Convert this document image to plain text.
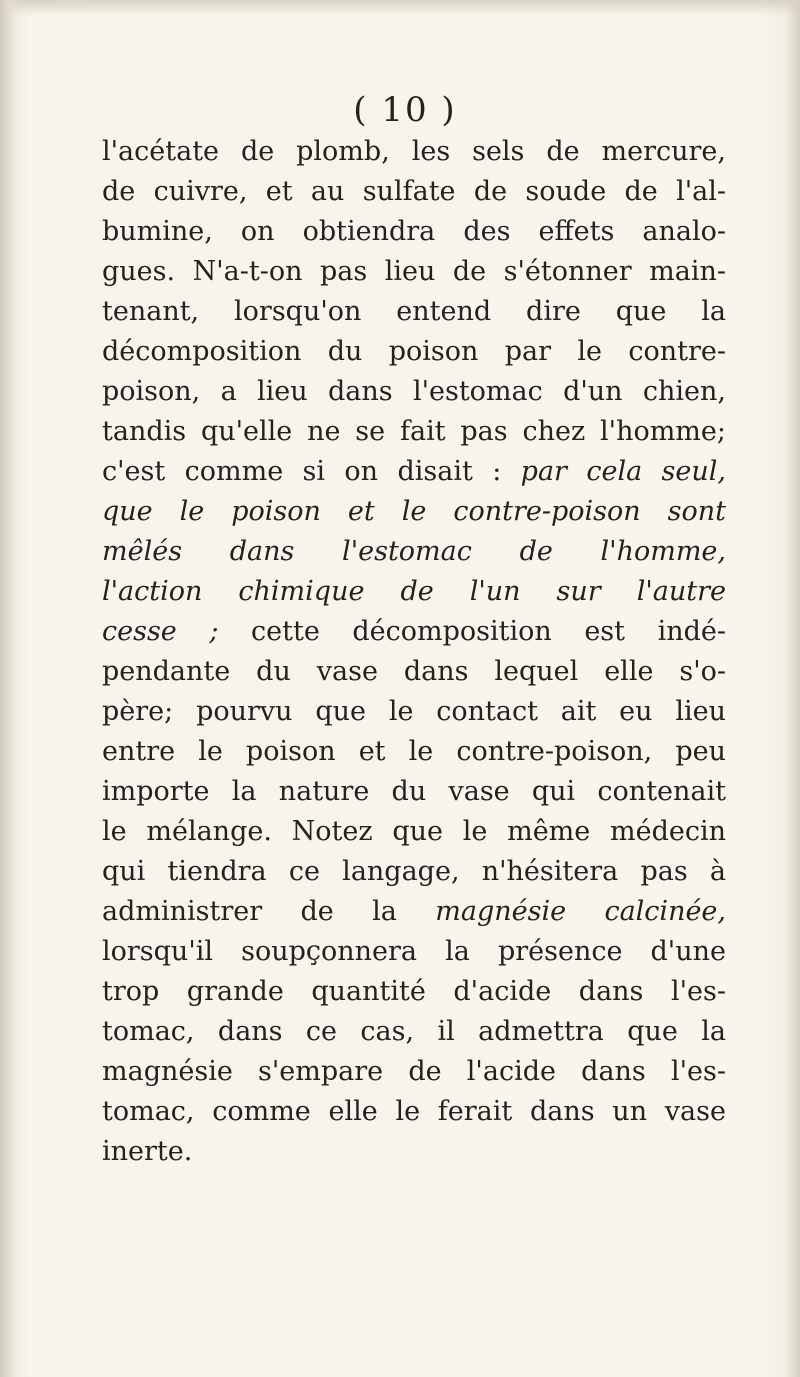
( 10 )
l'acétate de plomb, les sels de mercure,
de cuivre, et au sulfate de soude de l'al-
bumine, on obtiendra des effets analo-
gues. N'a-t-on pas lieu de s'étonner main-
tenant, lorsqu'on entend dire que la
décomposition du poison par le contre-
poison, a lieu dans l'estomac d'un chien,
tandis qu'elle ne se fait pas chez l'homme;
c'est comme si on disait : par cela seul,
que le poison et le contre-poison sont
mêlés dans l'estomac de l'homme,
l'action chimique de l'un sur l'autre
cesse ; cette décomposition est indé-
pendante du vase dans lequel elle s'o-
père; pourvu que le contact ait eu lieu
entre le poison et le contre-poison, peu
importe la nature du vase qui contenait
le mélange. Notez que le même médecin
qui tiendra ce langage, n'hésitera pas à
administrer de la magnésie calcinée,
lorsqu'il soupçonnera la présence d'une
trop grande quantité d'acide dans l'es-
tomac, dans ce cas, il admettra que la
magnésie s'empare de l'acide dans l'es-
tomac, comme elle le ferait dans un vase
inerte.
